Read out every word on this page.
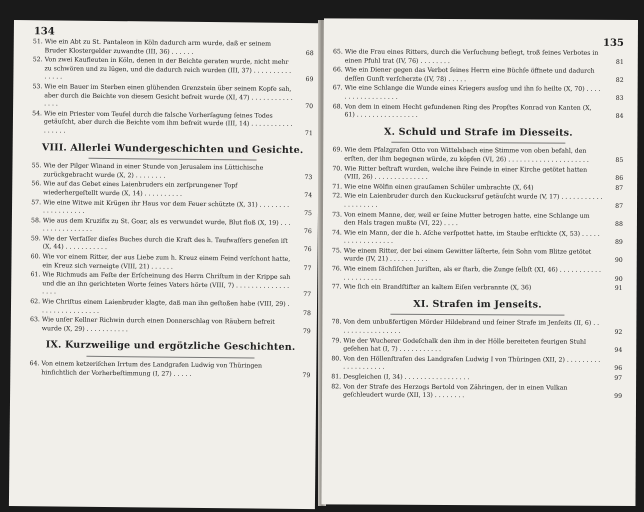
134
51. Wie ein Abt zu St. Pantaleon in Köln dadurch arm wurde, daß er seinem Bruder Klostergelder zuwandte (III, 36) . . . . . .	68
52. Von zwei Kaufleuten in Köln, denen in der Beichte geraten wurde, nicht mehr zu schwören und zu lügen, und die dadurch reich wurden (III, 37) . . . . . . . . . . . . . . .	69
53. Wie ein Bauer im Sterben einen glühenden Grenzstein über seinem Kopfe sah, aber durch die Beichte von diesem Gesicht befreit wurde (XI, 47) . . . . . . . . . . . . . . .	70
54. Wie ein Priester vom Teufel durch die falsche Vorherſagung ſeines Todes getäuſcht, aber durch die Beichte vom ihm befreit wurde (III, 14) . . . . . . . . . . . . . . . . .	71
VIII. Allerlei Wundergeschichten und Gesichte.
55. Wie der Pilger Winand in einer Stunde von Jerusalem ins Lüttichische zurückgebracht wurde (X, 2) . . . . . . . .	73
56. Wie auf das Gebet eines Laienbruders ein zerſprungener Topf wiederhergeſtellt wurde (X, 14) . . . . . . . . . .	74
57. Wie eine Witwe mit Krügen ihr Haus vor dem Feuer schützte (X, 31) . . . . . . . . . . . . . . . . . . .	75
58. Wie aus dem Kruzifix zu St. Goar, als es verwundet wurde, Blut floß (X, 19) . . . . . . . . . . . . . . . .	76
59. Wie der Verfaſſer dieſes Buches durch die Kraft des h. Taufwaſſers geneſen iſt (X, 44) . . . . . . . . . . .	76
60. Wie vor einem Ritter, der aus Liebe zum h. Kreuz einem Feind verſchont hatte, ein Kreuz sich verneigte (VIII, 21) . . . . . .	77
61. Wie Richmuds am Feſte der Erſcheinung des Herrn Chriſtum in der Krippe sah und die an ihn gerichteten Worte ſeines Vaters hörte (VIII, 7) . . . . . . . . . . . . . . . . . .	77
62. Wie Chriſtus einem Laienbruder klagte, daß man ihn geſtoßen habe (VIII, 29) . . . . . . . . . . . . . . . .	78
63. Wie unſer Kellner Richwin durch einen Donnerschlag von Räubern befreit wurde (X, 29) . . . . . . . . . . .	79
IX. Kurzweilige und ergötzliche Geschichten.
64. Von einem ketzeriſchen Irrtum des Landgrafen Ludwig von Thüringen hinſichtlich der Vorherbeſtimmung (I, 27) . . . . .	79
135
65. Wie die Frau eines Ritters, durch die Verſuchung beſiegt, troß ſeines Verbotes in einen Pfuhl trat (IV, 76) . . . . . . . .	81
66. Wie ein Diener gegen das Verbot ſeines Herrn eine Büchſe öffnete und dadurch deſſen Gunſt verſcherzte (IV, 78) . . . . .	82
67. Wie eine Schlange die Wunde eines Kriegers ausſog und ihn ſo heilte (X, 70) . . . . . . . . . . . . . . . . . .	83
68. Von dem in einem Hecht gefundenen Ring des Propſtes Konrad von Kanten (X, 61) . . . . . . . . . . . . . . . .	84
X. Schuld und Strafe im Diesseits.
69. Wie dem Pfalzgrafen Otto von Wittelsbach eine Stimme von oben befahl, den erſten, der ihm begegnen würde, zu köpfen (VI, 26) . . . . . . . . . . . . . . . . . . . . .	85
70. Wie Ritter beſtraft wurden, welche ihre Feinde in einer Kirche getötet hatten (VIII, 26) . . . . . . . . . . . . . .	86
71. Wie eine Wölfin einen grauſamen Schüler umbrachte (X, 64)	87
72. Wie ein Laienbruder durch den Kuckucksruf getäuſcht wurde (V, 17) . . . . . . . . . . . . . . . . . . . .	87
73. Von einem Manne, der, weil er ſeine Mutter betrogen hatte, eine Schlange um den Hals tragen mußte (VI, 22) . . . .	88
74. Wie ein Mann, der die h. Aſche verſpottet hatte, im Staube erſtickte (X, 53) . . . . . . . . . . . . . . . . . .	89
75. Wie einem Ritter, der bei einem Gewitter läſterte, ſein Sohn vom Blitze getötet wurde (IV, 21) . . . . . . . . . .	90
76. Wie einem ſächſiſchen Juriſten, als er ſtarb, die Zunge ſelbſt (XI, 46) . . . . . . . . . . . . . . . . . . . . .	90
77. Wie ſich ein Brandſtifter an kaltem Eiſen verbrannte (X, 36)	91
XI. Strafen im Jenseits.
78. Von dem unbußfertigen Mörder Hildebrand und ſeiner Strafe im Jenſeits (II, 6) . . . . . . . . . . . . . . . . .	92
79. Wie der Wucherer Godeſchalk den ihm in der Hölle bereiteten feurigen Stuhl geſehen hat (I, 7) . . . . . . . . . . .	94
80. Von den Höllenſtrafen des Landgrafen Ludwig I von Thüringen (XII, 2) . . . . . . . . . . . . . . . . . . . .	96
81. Desgleichen (I, 34) . . . . . . . . . . . . . . . . .	97
82. Von der Strafe des Herzogs Bertold von Zähringen, der in einen Vulkan geſchleudert wurde (XII, 13) . . . . . . . .	99
